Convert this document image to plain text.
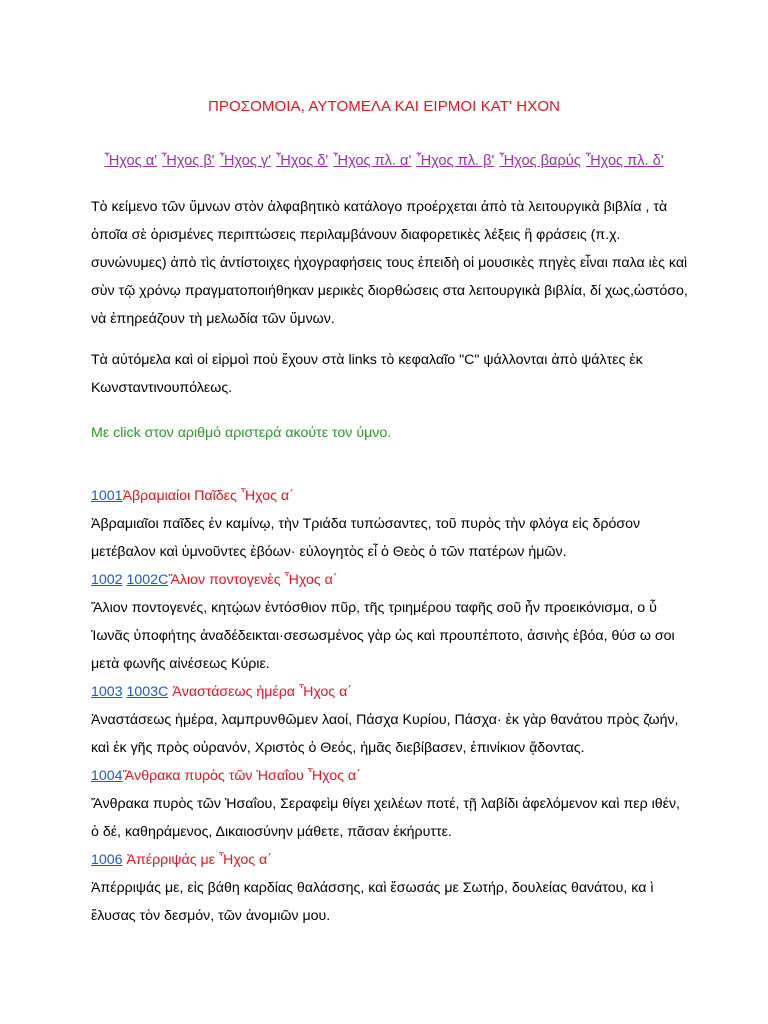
ΠΡΟΣΟΜΟΙΑ, ΑΥΤΟΜΕΛΑ ΚΑΙ ΕΙΡΜΟΙ ΚΑΤ' ΗΧΟΝ
Ἦχος α' Ἦχος β' Ἦχος γ' Ἦχος δ' Ἦχος πλ. α' Ἦχος πλ. β' Ἦχος βαρύς Ἦχος πλ. δ'

Τὸ κείμενο τῶν ὕμνων στὸν ἀλφαβητικὸ κατάλογο προέρχεται ἀπὸ τὰ λειτουργικὰ βιβλία , τὰ ὁποῖα σὲ ὁρισμένες περιπτώσεις περιλαμβάνουν διαφορετικὲς λέξεις ἢ φράσεις (π.χ. συνώνυμες) ἀπὸ τὶς ἀντίστοιχες ἠχογραφήσεις τους ἐπειδὴ οἱ μουσικὲς πηγὲς εἶναι παλα ιὲς καὶ σὺν τῷ χρόνῳ πραγματοποιήθηκαν μερικὲς διορθώσεις στα λειτουργικὰ βιβλία, δί χως,ὡστόσο, νὰ ἐπηρεάζουν τὴ μελωδία τῶν ὕμνων.

Τὰ αὐτόμελα καὶ οἱ εἱρμοὶ ποὺ ἔχουν στὰ links τὸ κεφαλαῖο "C" ψάλλονται ἀπὸ ψάλτες ἐκ Κωνσταντινουπόλεως.

Με click στον αριθμό αριστερά ακούτε τον ύμνο.

1001Ἀβραμιαίοι Παῖδες Ἦχος α΄

Ἀβραμιαῖοι παῖδες ἐν καμίνῳ, τὴν Τριάδα τυπώσαντες, τοῦ πυρὸς τὴν φλόγα εἰς δρόσον μετέβαλον καὶ ὑμνοῦντες ἐβόων· εὐλογητὸς εἶ ὁ Θεὸς ὁ τῶν πατέρων ἡμῶν.

1002 1002CἍλιον ποντογενὲς Ἦχος α΄

Ἅλιον ποντογενές, κητῴων ἐντόσθιον πῦρ, τῆς τριημέρου ταφῆς σοῦ ἦν προεικόνισμα, ο ὗ Ἰωνᾶς ὑποφήτης ἀναδέδεικται·σεσωσμένος γὰρ ὡς καὶ προυπέποτο, ἀσινὴς ἐβόα, θύσ ω σοι μετὰ φωνῆς αἰνέσεως Κύριε.

1003 1003C Ἀναστάσεως ἡμέρα Ἦχος α΄

Ἀναστάσεως ἡμέρα, λαμπρυνθῶμεν λαοί, Πάσχα Κυρίου, Πάσχα· ἐκ γὰρ θανάτου πρὸς ζωήν, καὶ ἐκ γῆς πρὸς οὐρανόν, Χριστὸς ὁ Θεός, ἡμᾶς διεβίβασεν, ἐπινίκιον ᾄδοντας.

1004Ἄνθρακα πυρὸς τῶν Ἡσαΐου Ἦχος α΄

Ἄνθρακα πυρὸς τῶν Ἡσαΐου, Σεραφεὶμ θίγει χειλέων ποτέ, τῇ λαβίδι ἀφελόμενον καὶ περ ιθέν, ὁ δέ, καθηράμενος, Δικαιοσύνην μάθετε, πᾶσαν ἐκήρυττε.

1006 Ἀπέρριψάς με Ἦχος α΄

Ἀπέρριψάς με, εἰς βάθη καρδίας θαλάσσης, καὶ ἔσωσάς με Σωτήρ, δουλείας θανάτου, κα ὶ ἔλυσας τὸν δεσμόν, τῶν ἀνομιῶν μου.
